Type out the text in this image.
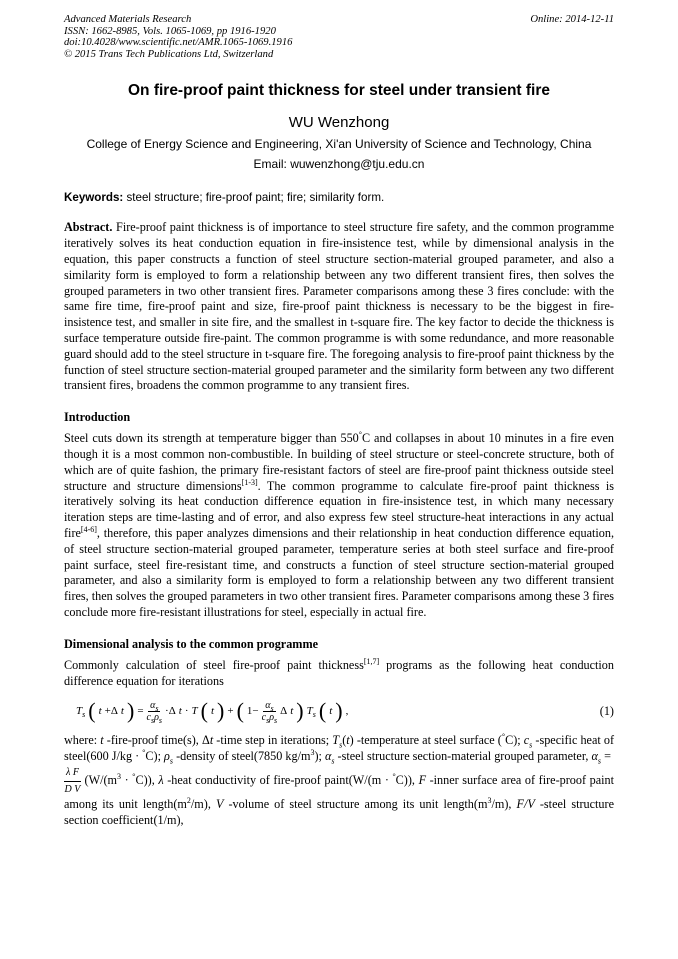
Advanced Materials Research	Online: 2014-12-11
ISSN: 1662-8985, Vols. 1065-1069, pp 1916-1920
doi:10.4028/www.scientific.net/AMR.1065-1069.1916
© 2015 Trans Tech Publications Ltd, Switzerland
On fire-proof paint thickness for steel under transient fire
WU Wenzhong
College of Energy Science and Engineering, Xi'an University of Science and Technology, China
Email: wuwenzhong@tju.edu.cn
Keywords: steel structure; fire-proof paint; fire; similarity form.
Abstract. Fire-proof paint thickness is of importance to steel structure fire safety, and the common programme iteratively solves its heat conduction equation in fire-insistence test, while by dimensional analysis in the equation, this paper constructs a function of steel structure section-material grouped parameter, and also a similarity form is employed to form a relationship between any two different transient fires, then solves the grouped parameters in two other transient fires. Parameter comparisons among these 3 fires conclude: with the same fire time, fire-proof paint and size, fire-proof paint thickness is necessary to be the biggest in fire-insistence test, and smaller in site fire, and the smallest in t-square fire. The key factor to decide the thickness is surface temperature outside fire-paint. The common programme is with some redundance, and more reasonable guard should add to the steel structure in t-square fire. The foregoing analysis to fire-proof paint thickness by the function of steel structure section-material grouped parameter and the similarity form between any two different transient fires, broadens the common programme to any transient fires.
Introduction
Steel cuts down its strength at temperature bigger than 550°C and collapses in about 10 minutes in a fire even though it is a most common non-combustible. In building of steel structure or steel-concrete structure, both of which are of quite fashion, the primary fire-resistant factors of steel are fire-proof paint thickness outside steel structure and structure dimensions[1-3]. The common programme to calculate fire-proof paint thickness is iteratively solving its heat conduction difference equation in fire-insistence test, in which many necessary iteration steps are time-lasting and of error, and also express few steel structure-heat interactions in any actual fire[4-6], therefore, this paper analyzes dimensions and their relationship in heat conduction difference equation, of steel structure section-material grouped parameter, temperature series at both steel surface and fire-proof paint surface, steel fire-resistant time, and constructs a function of steel structure section-material grouped parameter, and also a similarity form is employed to form a relationship between any two different transient fires, then solves the grouped parameters in two other transient fires. Parameter comparisons among these 3 fires conclude more fire-resistant illustrations for steel, especially in actual fire.
Dimensional analysis to the common programme
Commonly calculation of steel fire-proof paint thickness[1,7] programs as the following heat conduction difference equation for iterations
$T_s$ ( t +Δ t ) = $\frac{\alpha_s}{c_s\rho_s} \cdot\Delta$ t · T ( t ) + ( $1- \frac{\alpha_s}{c_s\rho_s}$ Δ t ) $T_s$ ( t ) ,	(1)
where: t -fire-proof time(s), Δt -time step in iterations; $T_s(t)$ -temperature at steel surface (°C); $c_s$ -specific heat of steel(600 J/kg · °C); $\rho_s$ -density of steel(7850 $kg/m^3$); $\alpha_s$ -steel structure section-material grouped parameter, $\alpha_s$ =
$\frac{\text{λ F}}{\text{D V}} (W/(m^3 \cdot ^\circ C))$, λ -heat conductivity of fire-proof paint(W/(m · °C)), F -inner surface area of fire-proof paint among its unit $length(m^2/m)$, V -volume of steel structure among its unit $length(m^3/m)$, F/V -steel structure section coefficient(1/m),
